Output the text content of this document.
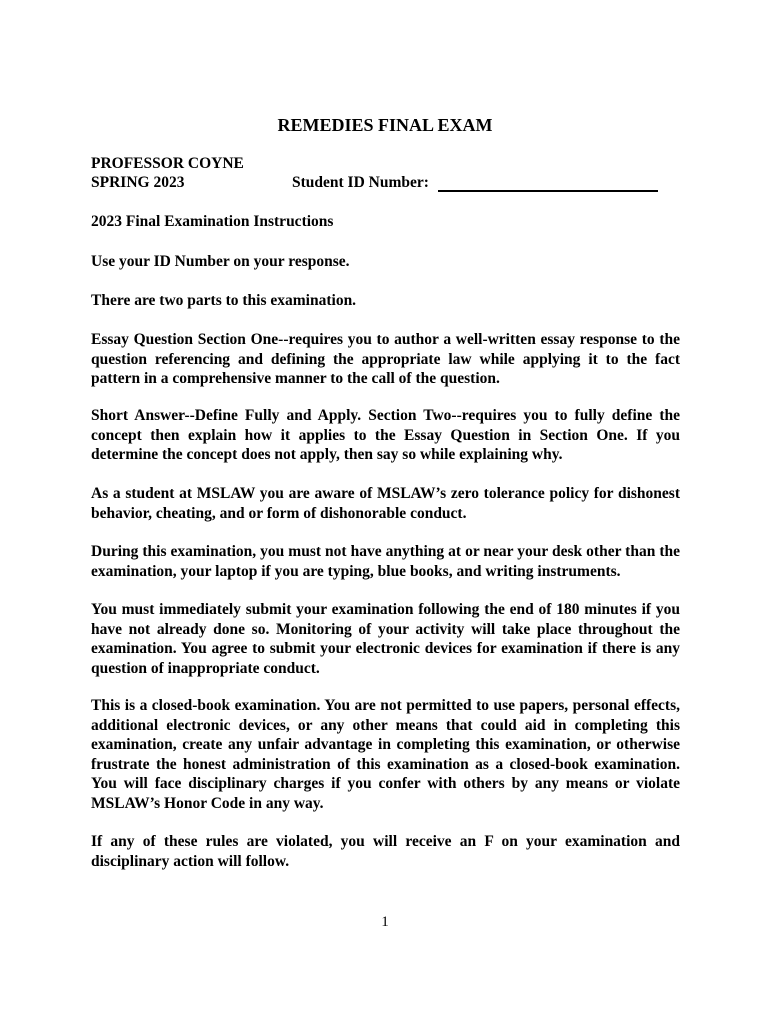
REMEDIES FINAL EXAM
PROFESSOR COYNE
SPRING 2023	Student ID Number:
2023 Final Examination Instructions
Use your ID Number on your response.
There are two parts to this examination.
Essay Question Section One--requires you to author a well-written essay response to the question referencing and defining the appropriate law while applying it to the fact pattern in a comprehensive manner to the call of the question.
Short Answer--Define Fully and Apply. Section Two--requires you to fully define the concept then explain how it applies to the Essay Question in Section One. If you determine the concept does not apply, then say so while explaining why.
As a student at MSLAW you are aware of MSLAW’s zero tolerance policy for dishonest behavior, cheating, and or form of dishonorable conduct.
During this examination, you must not have anything at or near your desk other than the examination, your laptop if you are typing, blue books, and writing instruments.
You must immediately submit your examination following the end of 180 minutes if you have not already done so. Monitoring of your activity will take place throughout the examination. You agree to submit your electronic devices for examination if there is any question of inappropriate conduct.
This is a closed-book examination. You are not permitted to use papers, personal effects, additional electronic devices, or any other means that could aid in completing this examination, create any unfair advantage in completing this examination, or otherwise frustrate the honest administration of this examination as a closed-book examination. You will face disciplinary charges if you confer with others by any means or violate MSLAW’s Honor Code in any way.
If any of these rules are violated, you will receive an F on your examination and disciplinary action will follow.
1
